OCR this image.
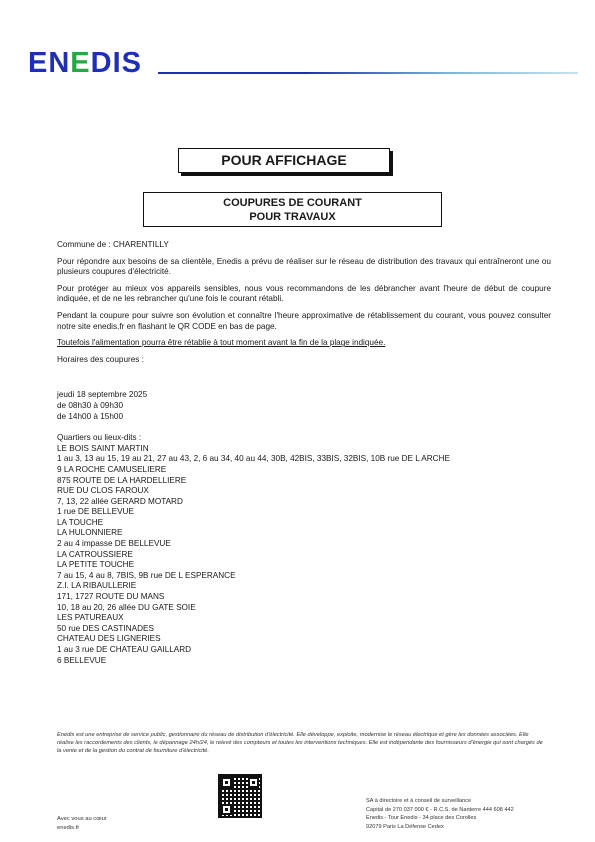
ENEDIS
POUR AFFICHAGE
COUPURES DE COURANT
POUR TRAVAUX

Commune de : CHARENTILLY

Pour répondre aux besoins de sa clientèle, Enedis a prévu de réaliser sur le réseau de distribution des travaux qui entraîneront une ou plusieurs coupures d'électricité.

Pour protéger au mieux vos appareils sensibles, nous vous recommandons de les débrancher avant l'heure de début de coupure indiquée, et de ne les rebrancher qu'une fois le courant rétabli.

Pendant la coupure pour suivre son évolution et connaître l'heure approximative de rétablissement du courant, vous pouvez consulter notre site enedis.fr en flashant le QR CODE en bas de page.

Toutefois l'alimentation pourra être rétablie à tout moment avant la fin de la plage indiquée.

Horaires des coupures :
jeudi 18 septembre 2025
de 08h30 à 09h30
de 14h00 à 15h00
Quartiers ou lieux-dits :
LE BOIS SAINT MARTIN
1 au 3, 13 au 15, 19 au 21, 27 au 43, 2, 6 au 34, 40 au 44, 30B, 42BIS, 33BIS, 32BIS, 10B rue DE L ARCHE
9 LA ROCHE CAMUSELIERE
875 ROUTE DE LA HARDELLIERE
RUE DU CLOS FAROUX
7, 13, 22 allée GERARD MOTARD
1 rue DE BELLEVUE
LA TOUCHE
LA HULONNIERE
2 au 4 impasse DE BELLEVUE
LA CATROUSSIERE
LA PETITE TOUCHE
7 au 15, 4 au 8, 7BIS, 9B rue DE L ESPERANCE
Z.I. LA RIBAULLERIE
171, 1727 ROUTE DU MANS
10, 18 au 20, 26 allée DU GATE SOIE
LES PATUREAUX
50 rue DES CASTINADES
CHATEAU DES LIGNERIES
1 au 3 rue DE CHATEAU GAILLARD
6 BELLEVUE
Enedis est une entreprise de service public, gestionnaire du réseau de distribution d'électricité. Elle développe, exploite, modernise le réseau électrique et gère les données associées. Elle réalise les raccordements des clients, le dépannage 24h/24, le relevé des compteurs et toutes les interventions techniques. Elle est indépendante des fournisseurs d'énergie qui sont chargés de la vente et de la gestion du contrat de fourniture d'électricité.
Avec vous au cœur
enedis.fr
SA à directoire et à conseil de surveillance
Capital de 270 037 000 € - R.C.S. de Nanterre 444 608 442
Enedis - Tour Enedis - 34 place des Corolles
92079 Paris La Défense Cedex
